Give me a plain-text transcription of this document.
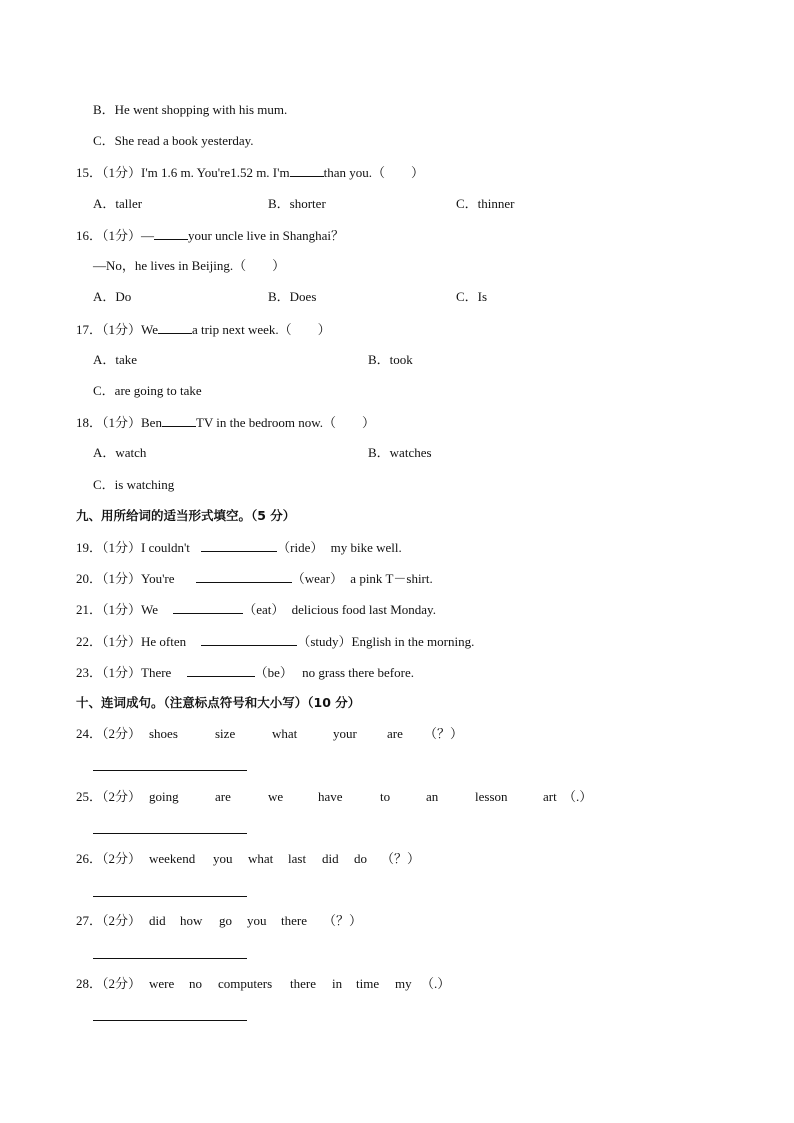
B．He went shopping with his mum.
C．She read a book yesterday.
15．（1分）I'm 1.6 m. You're1.52 m. I'm	than you.（　　）
A．taller	B．shorter	C．thinner
16．（1分）—	your uncle live in Shanghai？
—No，he lives in Beijing.（　　）
A．Do	B．Does	C．Is
17．（1分）We	a trip next week.（　　）
A．take	B．took
C．are going to take
18．（1分）Ben	TV in the bedroom now.（　　）
A．watch	B．watches
C．is watching
九、用所给词的适当形式填空。（5 分）
19．（1分）I couldn't	（ride） my bike well.
20．（1分）You're	（wear） a pink T－shirt.
21．（1分）We	（eat） delicious food last Monday.
22．（1分）He often	（study）English in the morning.
23．（1分）There	（be） no grass there before.
十、连词成句。（注意标点符号和大小写）（10 分）
24．（2分） shoes	size	what	your are （？）
25．（2分） going	are	we	have	to	an	lesson	art （.）
26．（2分） weekend you what last did do （？）
27．（2分） did how go you there （？）
28．（2分） were no computers there in time my （.）
